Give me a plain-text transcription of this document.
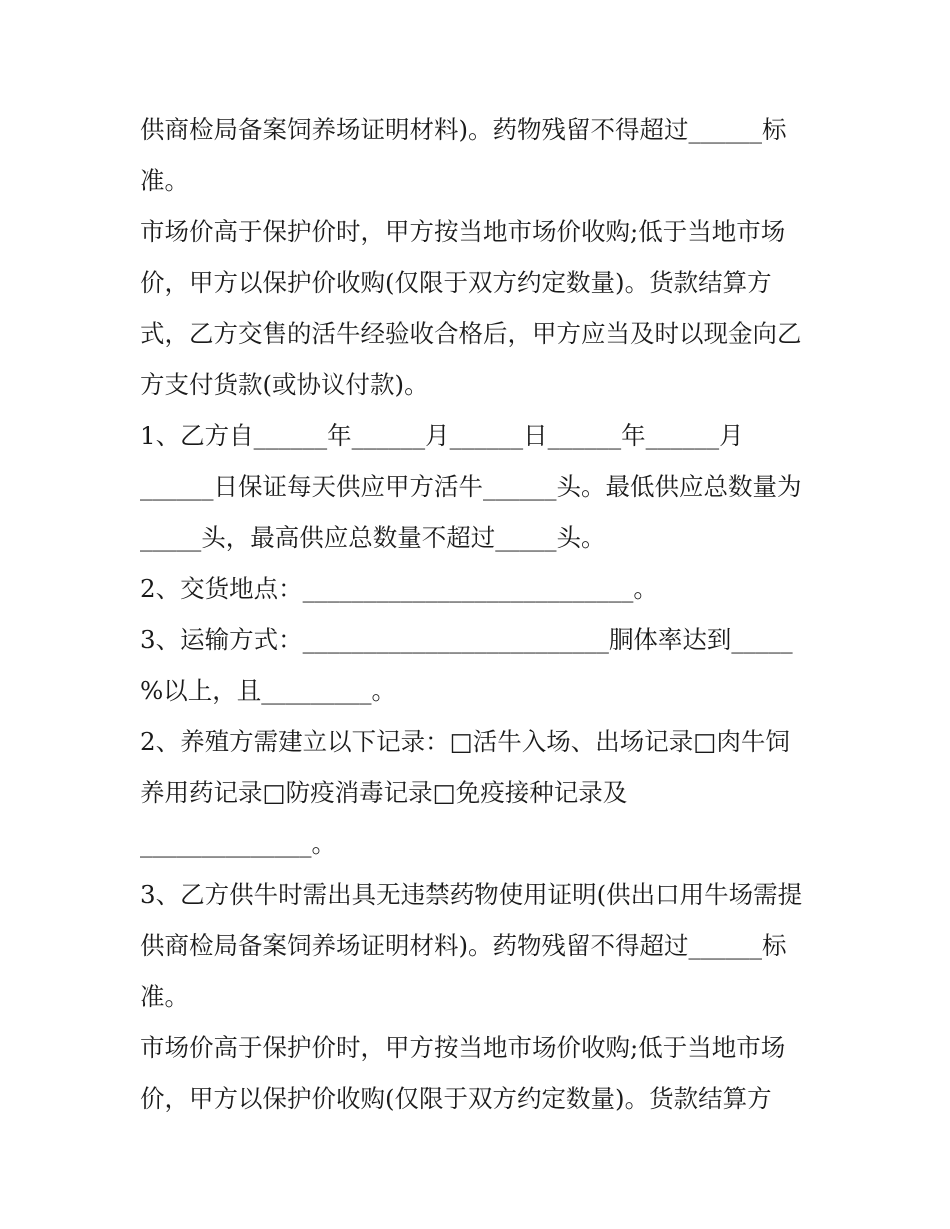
供商检局备案饲养场证明材料)。药物残留不得超过______标

准。

市场价高于保护价时，甲方按当地市场价收购;低于当地市场

价，甲方以保护价收购(仅限于双方约定数量)。货款结算方

式，乙方交售的活牛经验收合格后，甲方应当及时以现金向乙

方支付货款(或协议付款)。

1、乙方自______年______月______日______年______月

______日保证每天供应甲方活牛______头。最低供应总数量为

_____头，最高供应总数量不超过_____头。

2、交货地点：___________________________。

3、运输方式：_________________________胴体率达到_____

%以上，且_________。

2、养殖方需建立以下记录：□活牛入场、出场记录□肉牛饲

养用药记录□防疫消毒记录□免疫接种记录及

______________。

3、乙方供牛时需出具无违禁药物使用证明(供出口用牛场需提

供商检局备案饲养场证明材料)。药物残留不得超过______标

准。

市场价高于保护价时，甲方按当地市场价收购;低于当地市场

价，甲方以保护价收购(仅限于双方约定数量)。货款结算方
